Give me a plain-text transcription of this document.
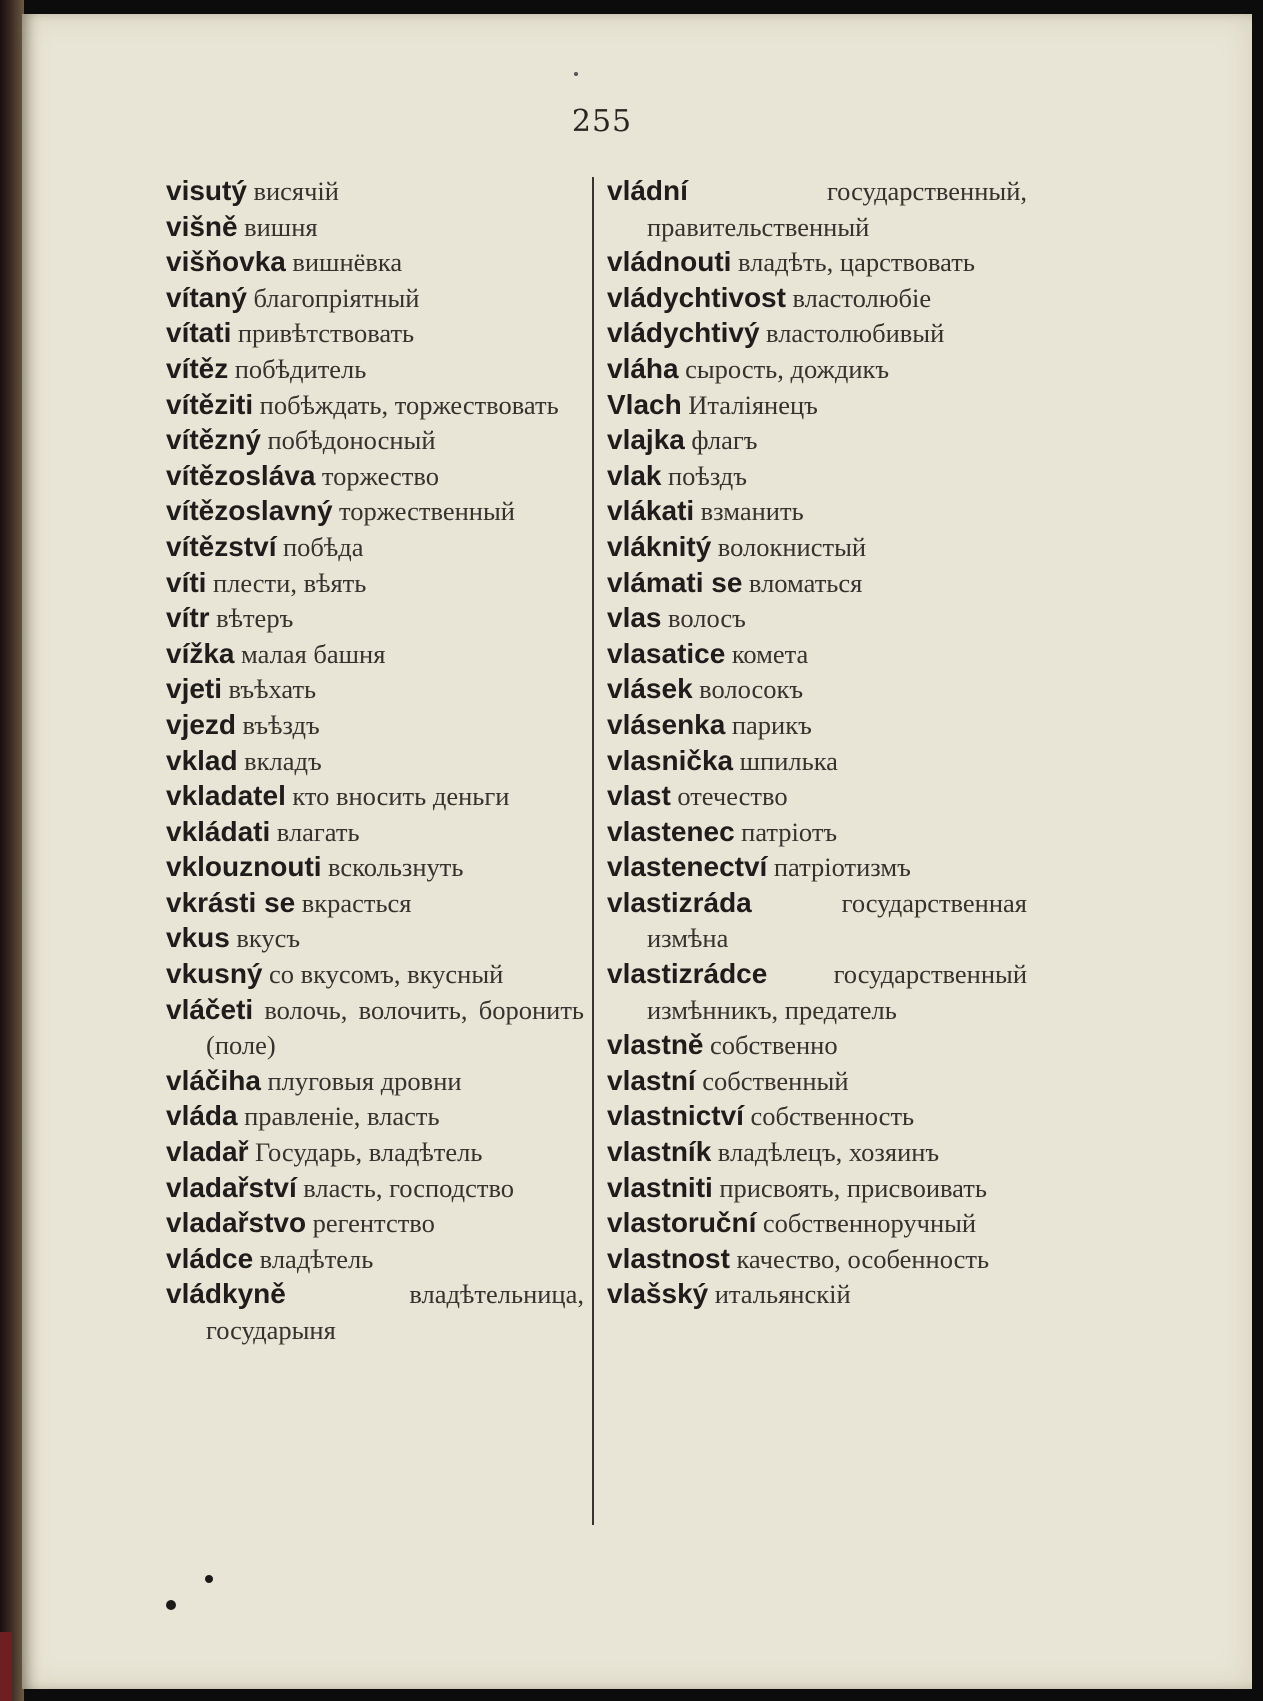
255

visutý висячій

višně вишня

višňovka вишнёвка

vítaný благопріятный

vítati привѣтствовать

vítěz побѣдитель

vítěziti побѣждать, торжествовать

vítězný побѣдоносный

vítězosláva торжество

vítězoslavný торжественный

vítězství побѣда

víti плести, вѣять

vítr вѣтеръ

vížka малая башня

vjeti въѣхать

vjezd въѣздъ

vklad вкладъ

vkladatel кто вносить деньги

vkládati влагать

vklouznouti вскользнуть

vkrásti se вкрасться

vkus вкусъ

vkusný со вкусомъ, вкусный

vláčeti волочь, волочить, боронить (поле)

vláčiha плуговыя дровни

vláda правленіе, власть

vladař Государь, владѣтель

vladařství власть, господство

vladařstvo регентство

vládce владѣтель

vládkyně	владѣтельница, государыня

vládní	государственный, правительственный

vládnouti владѣть, царствовать

vládychtivost властолюбіе

vládychtivý властолюбивый

vláha сырость, дождикъ

Vlach Италіянецъ

vlajka флагъ

vlak поѣздъ

vlákati взманить

vláknitý волокнистый

vlámati se вломаться

vlas волосъ

vlasatice комета

vlásek волосокъ

vlásenka парикъ

vlasnička шпилька

vlast отечество

vlastenec патріотъ

vlastenectví патріотизмъ

vlastizráda	государственная измѣна

vlastizrádce	государственный измѣнникъ, предатель

vlastně собственно

vlastní собственный

vlastnictví собственность

vlastník владѣлецъ, хозяинъ

vlastniti присвоять, присвоивать

vlastoruční собственноручный

vlastnost качество, особенность

vlašský итальянскій
